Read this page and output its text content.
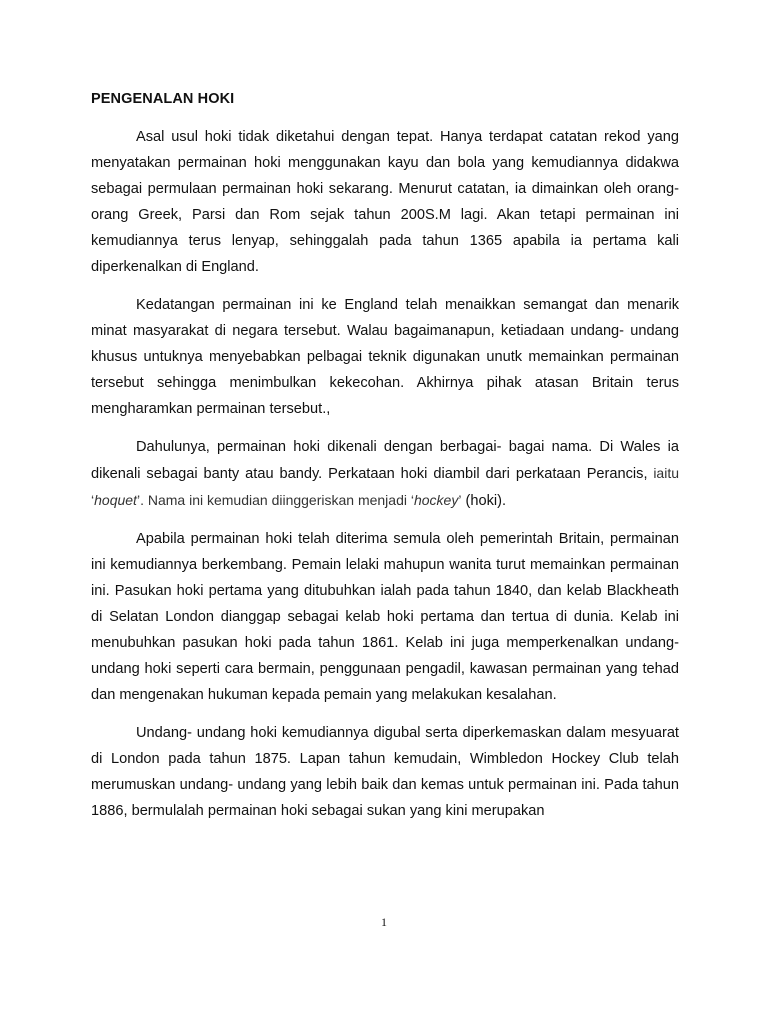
PENGENALAN HOKI

Asal usul hoki tidak diketahui dengan tepat. Hanya terdapat catatan rekod yang menyatakan permainan hoki menggunakan kayu dan bola yang kemudiannya didakwa sebagai permulaan permainan hoki sekarang. Menurut catatan, ia dimainkan oleh orang- orang Greek, Parsi dan Rom sejak tahun 200S.M lagi. Akan tetapi permainan ini kemudiannya terus lenyap, sehinggalah pada tahun 1365 apabila ia pertama kali diperkenalkan di England.

Kedatangan permainan ini ke England telah menaikkan semangat dan menarik minat masyarakat di negara tersebut. Walau bagaimanapun, ketiadaan undang- undang khusus untuknya menyebabkan pelbagai teknik digunakan unutk memainkan permainan tersebut sehingga menimbulkan kekecohan. Akhirnya pihak atasan Britain terus mengharamkan permainan tersebut.,

Dahulunya, permainan hoki dikenali dengan berbagai- bagai nama. Di Wales ia dikenali sebagai banty atau bandy. Perkataan hoki diambil dari perkataan Perancis, iaitu ‘hoquet’. Nama ini kemudian diinggeriskan menjadi ‘hockey’ (hoki).

Apabila permainan hoki telah diterima semula oleh pemerintah Britain, permainan ini kemudiannya berkembang. Pemain lelaki mahupun wanita turut memainkan permainan ini. Pasukan hoki pertama yang ditubuhkan ialah pada tahun 1840, dan kelab Blackheath di Selatan London dianggap sebagai kelab hoki pertama dan tertua di dunia. Kelab ini menubuhkan pasukan hoki pada tahun 1861. Kelab ini juga memperkenalkan undang- undang hoki seperti cara bermain, penggunaan pengadil, kawasan permainan yang tehad dan mengenakan hukuman kepada pemain yang melakukan kesalahan.

Undang- undang hoki kemudiannya digubal serta diperkemaskan dalam mesyuarat di London pada tahun 1875. Lapan tahun kemudain, Wimbledon Hockey Club telah merumuskan undang- undang yang lebih baik dan kemas untuk permainan ini. Pada tahun 1886, bermulalah permainan hoki sebagai sukan yang kini merupakan

1
